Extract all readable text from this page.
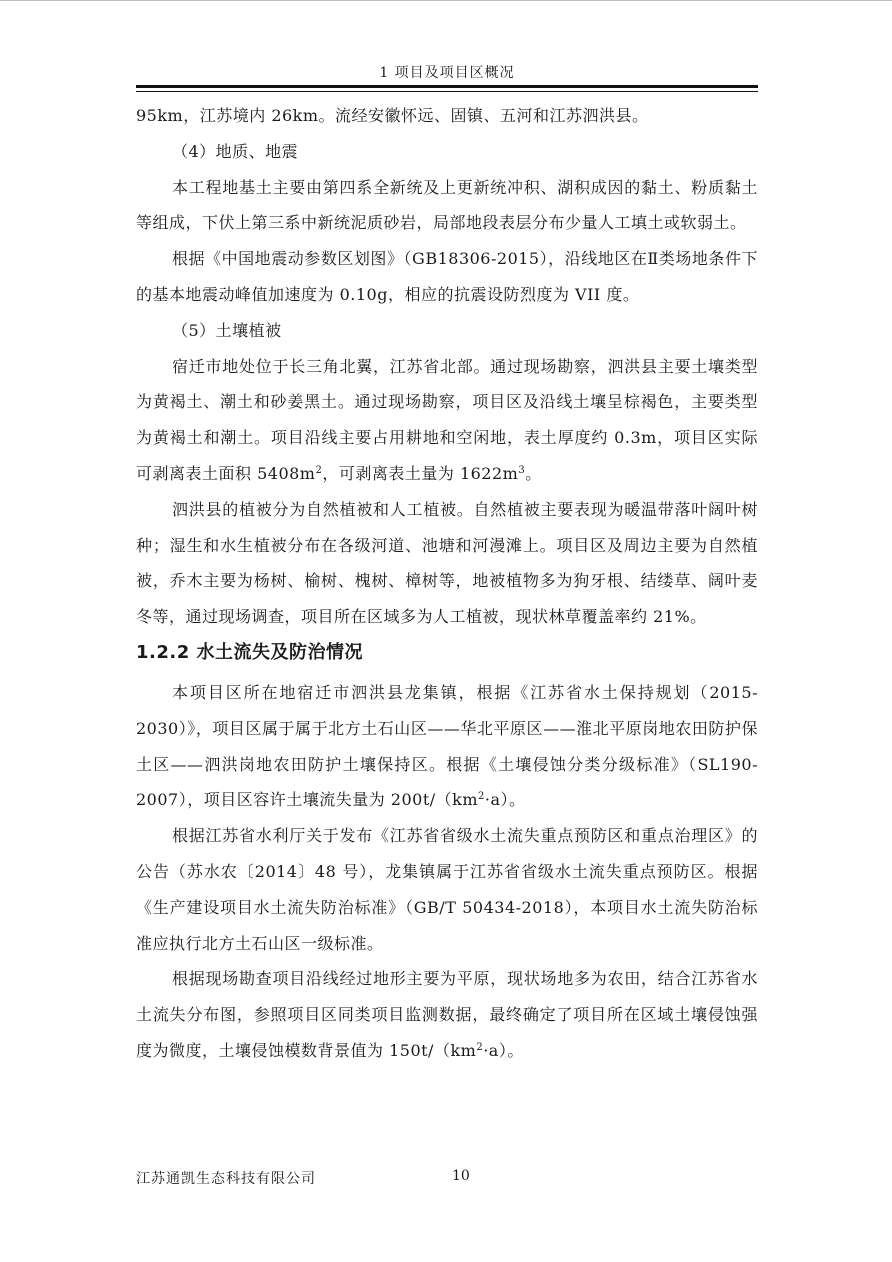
1 项目及项目区概况

95km，江苏境内 26km。流经安徽怀远、固镇、五河和江苏泗洪县。

（4）地质、地震

本工程地基土主要由第四系全新统及上更新统冲积、湖积成因的黏土、粉质黏土等组成，下伏上第三系中新统泥质砂岩，局部地段表层分布少量人工填土或软弱土。

根据《中国地震动参数区划图》（GB18306-2015），沿线地区在Ⅱ类场地条件下的基本地震动峰值加速度为 0.10g，相应的抗震设防烈度为 VII 度。

（5）土壤植被

宿迁市地处位于长三角北翼，江苏省北部。通过现场勘察，泗洪县主要土壤类型为黄褐土、潮土和砂姜黑土。通过现场勘察，项目区及沿线土壤呈棕褐色，主要类型为黄褐土和潮土。项目沿线主要占用耕地和空闲地，表土厚度约 0.3m，项目区实际可剥离表土面积 $5408m^2$，可剥离表土量为 $1622m^3$。

泗洪县的植被分为自然植被和人工植被。自然植被主要表现为暖温带落叶阔叶树种；湿生和水生植被分布在各级河道、池塘和河漫滩上。项目区及周边主要为自然植被，乔木主要为杨树、榆树、槐树、樟树等，地被植物多为狗牙根、结缕草、阔叶麦冬等，通过现场调查，项目所在区域多为人工植被，现状林草覆盖率约 21%。

1.2.2 水土流失及防治情况

本项目区所在地宿迁市泗洪县龙集镇，根据《江苏省水土保持规划（2015-2030）》，项目区属于属于北方土石山区——华北平原区——淮北平原岗地农田防护保土区——泗洪岗地农田防护土壤保持区。根据《土壤侵蚀分类分级标准》（SL190-2007），项目区容许土壤流失量为 $200t/(km^2\cdot a)$。

根据江苏省水利厅关于发布《江苏省省级水土流失重点预防区和重点治理区》的公告（苏水农〔2014〕48 号），龙集镇属于江苏省省级水土流失重点预防区。根据《生产建设项目水土流失防治标准》（GB/T 50434-2018），本项目水土流失防治标准应执行北方土石山区一级标准。

根据现场勘查项目沿线经过地形主要为平原，现状场地多为农田，结合江苏省水土流失分布图，参照项目区同类项目监测数据，最终确定了项目所在区域土壤侵蚀强度为微度，土壤侵蚀模数背景值为 $150t/(km^2\cdot a)$。

江苏通凯生态科技有限公司	10
